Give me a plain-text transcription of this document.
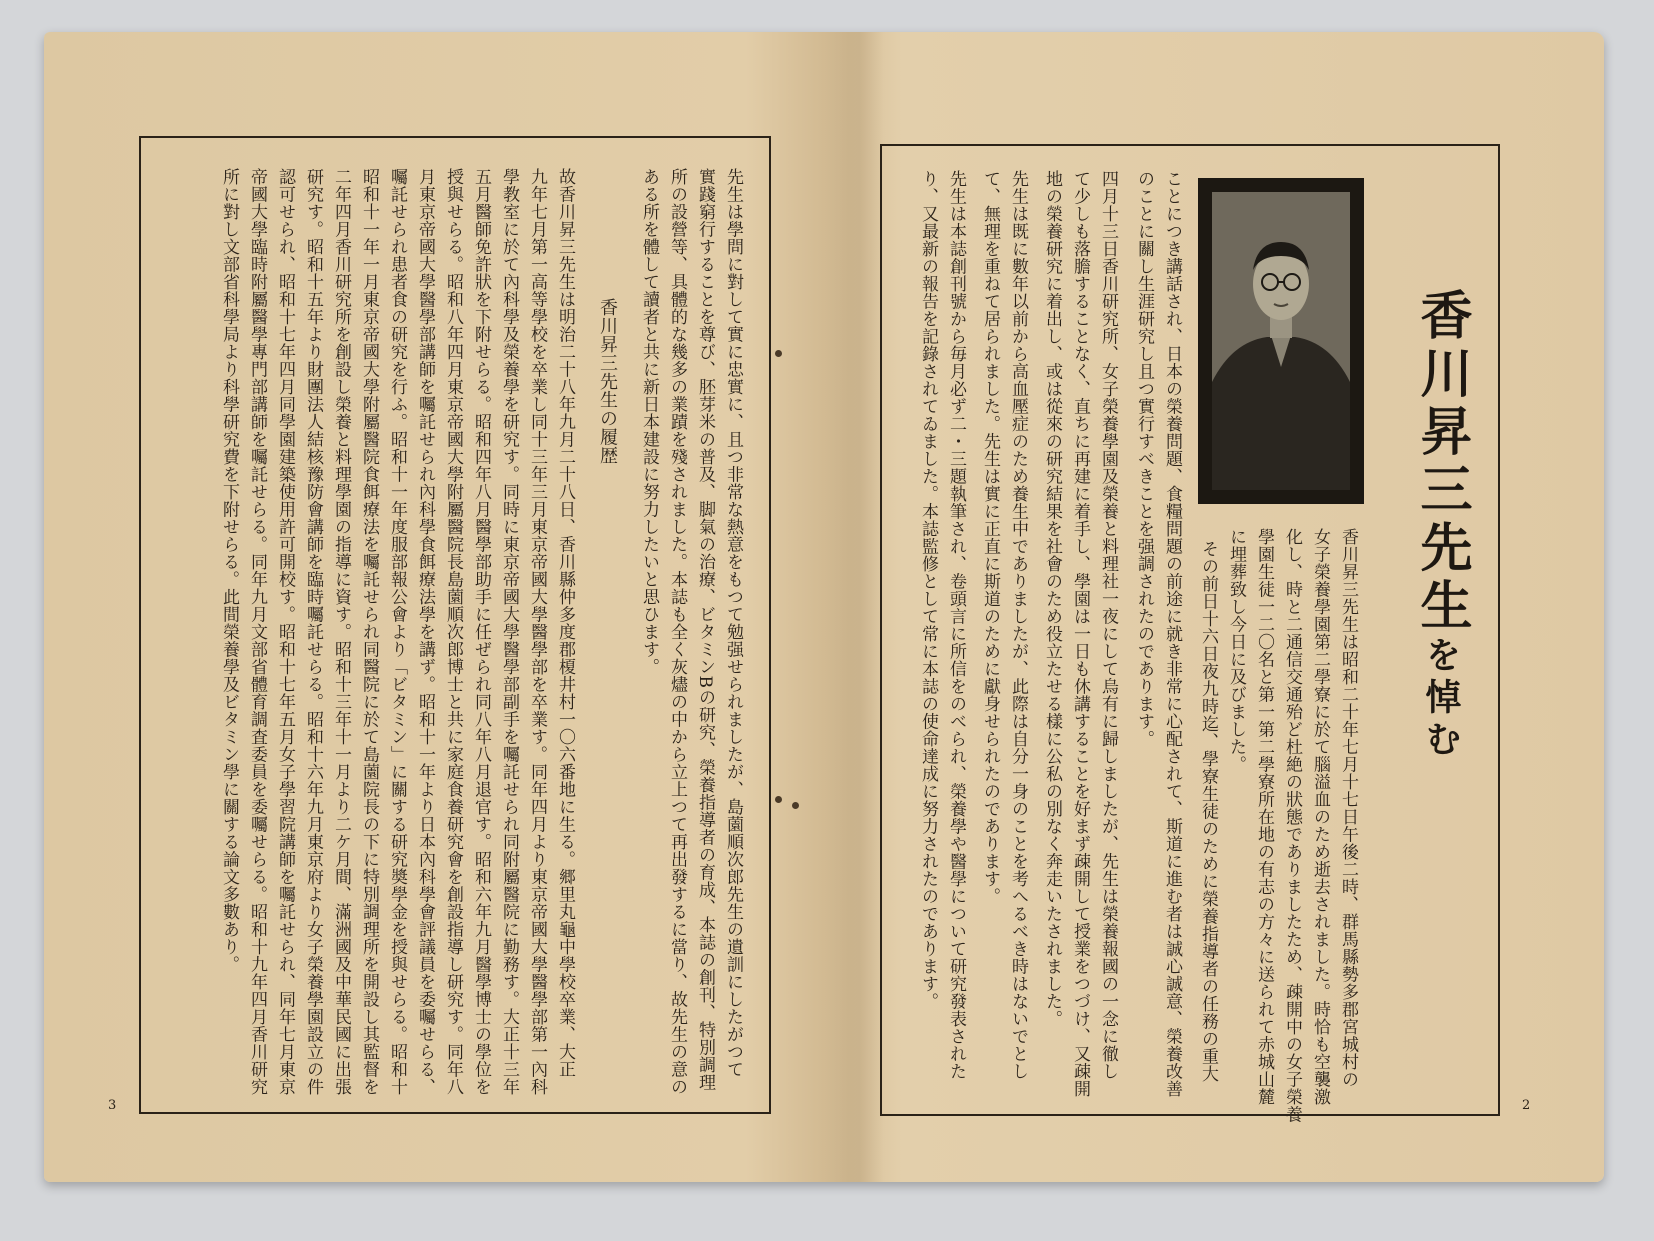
先生は學問に對して實に忠實に、且つ非常な熱意をもつて勉强せられましたが、島薗順次郎先生の遺訓にしたがつて
實踐窮行することを尊び、胚芽米の普及、脚氣の治療、ビタミンBの研究、榮養指導者の育成、本誌の創刊、特別調理
所の設營等、具體的な幾多の業蹟を殘されました。本誌も全く灰燼の中から立上つて再出發するに當り、故先生の意の
ある所を體して讀者と共に新日本建設に努力したいと思ひます。
香川昇三先生の履歴
故香川昇三先生は明治二十八年九月二十八日、香川縣仲多度郡榎井村一〇六番地に生る。郷里丸龜中學校卒業、大正
九年七月第一高等學校を卒業し同十三年三月東京帝國大學醫學部を卒業す。同年四月より東京帝國大學醫學部第一內科
學教室に於て內科學及榮養學を研究す。同時に東京帝國大學醫學部副手を囑託せられ同附屬醫院に勤務す。大正十三年
五月醫師免許狀を下附せらる。昭和四年八月醫學部助手に任ぜられ同八年八月退官す。昭和六年九月醫學博士の學位を
授與せらる。昭和八年四月東京帝國大學附屬醫院長島薗順次郎博士と共に家庭食養研究會を創設指導し研究す。同年八
月東京帝國大學醫學部講師を囑託せられ內科學食餌療法學を講ず。昭和十一年より日本內科學會評議員を委囑せらる、
囑託せられ患者食の研究を行ふ。昭和十一年度服部報公會より「ビタミン」に關する研究奬學金を授與せらる。昭和十
昭和十一年一月東京帝國大學附屬醫院食餌療法を囑託せられ同醫院に於て島薗院長の下に特別調理所を開設し其監督を
二年四月香川研究所を創設し榮養と料理學園の指導に資す。昭和十三年十一月より二ケ月間、滿洲國及中華民國に出張
研究す。昭和十五年より財團法人結核豫防會講師を臨時囑託せらる。昭和十六年九月東京府より女子榮養學園設立の件
認可せられ、昭和十七年四月同學園建築使用許可開校す。昭和十七年五月女子學習院講師を囑託せられ、同年七月東京
帝國大學臨時附屬醫學專門部講師を囑託せらる。同年九月文部省體育調査委員を委囑せらる。昭和十九年四月香川研究
所に對し文部省科學局より科學研究費を下附せらる。此間榮養學及ビタミン學に關する論文多數あり。
3	2
香川昇三先生を悼む
香川昇三先生は昭和二十年七月十七日午後二時、群馬縣勢多郡宮城村の
女子榮養學園第二學寮に於て腦溢血のため逝去されました。時恰も空襲激
化し、時と二通信交通殆ど杜絶の狀態でありましたため、疎開中の女子榮養
學園生徒一二〇名と第一第二學寮所在地の有志の方々に送られて赤城山麓
に埋葬致し今日に及びました。
その前日十六日夜九時迄、學寮生徒のために榮養指導者の任務の重大
ことにつき講話され、日本の榮養問題、食糧問題の前途に就き非常に心配されて、斯道に進む者は誠心誠意、榮養改善
のことに關し生涯研究し且つ實行すべきことを强調されたのであります。
四月十三日香川研究所、女子榮養學園及榮養と料理社一夜にして烏有に歸しましたが、先生は榮養報國の一念に徹し
て少しも落膽することなく、直ちに再建に着手し、學園は一日も休講することを好まず疎開して授業をつづけ、又疎開
地の榮養研究に着出し、或は從來の研究結果を社會のため役立たせる樣に公私の別なく奔走いたされました。
先生は既に數年以前から高血壓症のため養生中でありましたが、此際は自分一身のことを考へるべき時はないでとし
て、無理を重ねて居られました。先生は實に正直に斯道のために獻身せられたのであります。
先生は本誌創刊號から毎月必ず二・三題執筆され、卷頭言に所信をのべられ、榮養學や醫學について研究發表された
り、又最新の報告を記錄されてゐました。本誌監修として常に本誌の使命達成に努力されたのであります。
